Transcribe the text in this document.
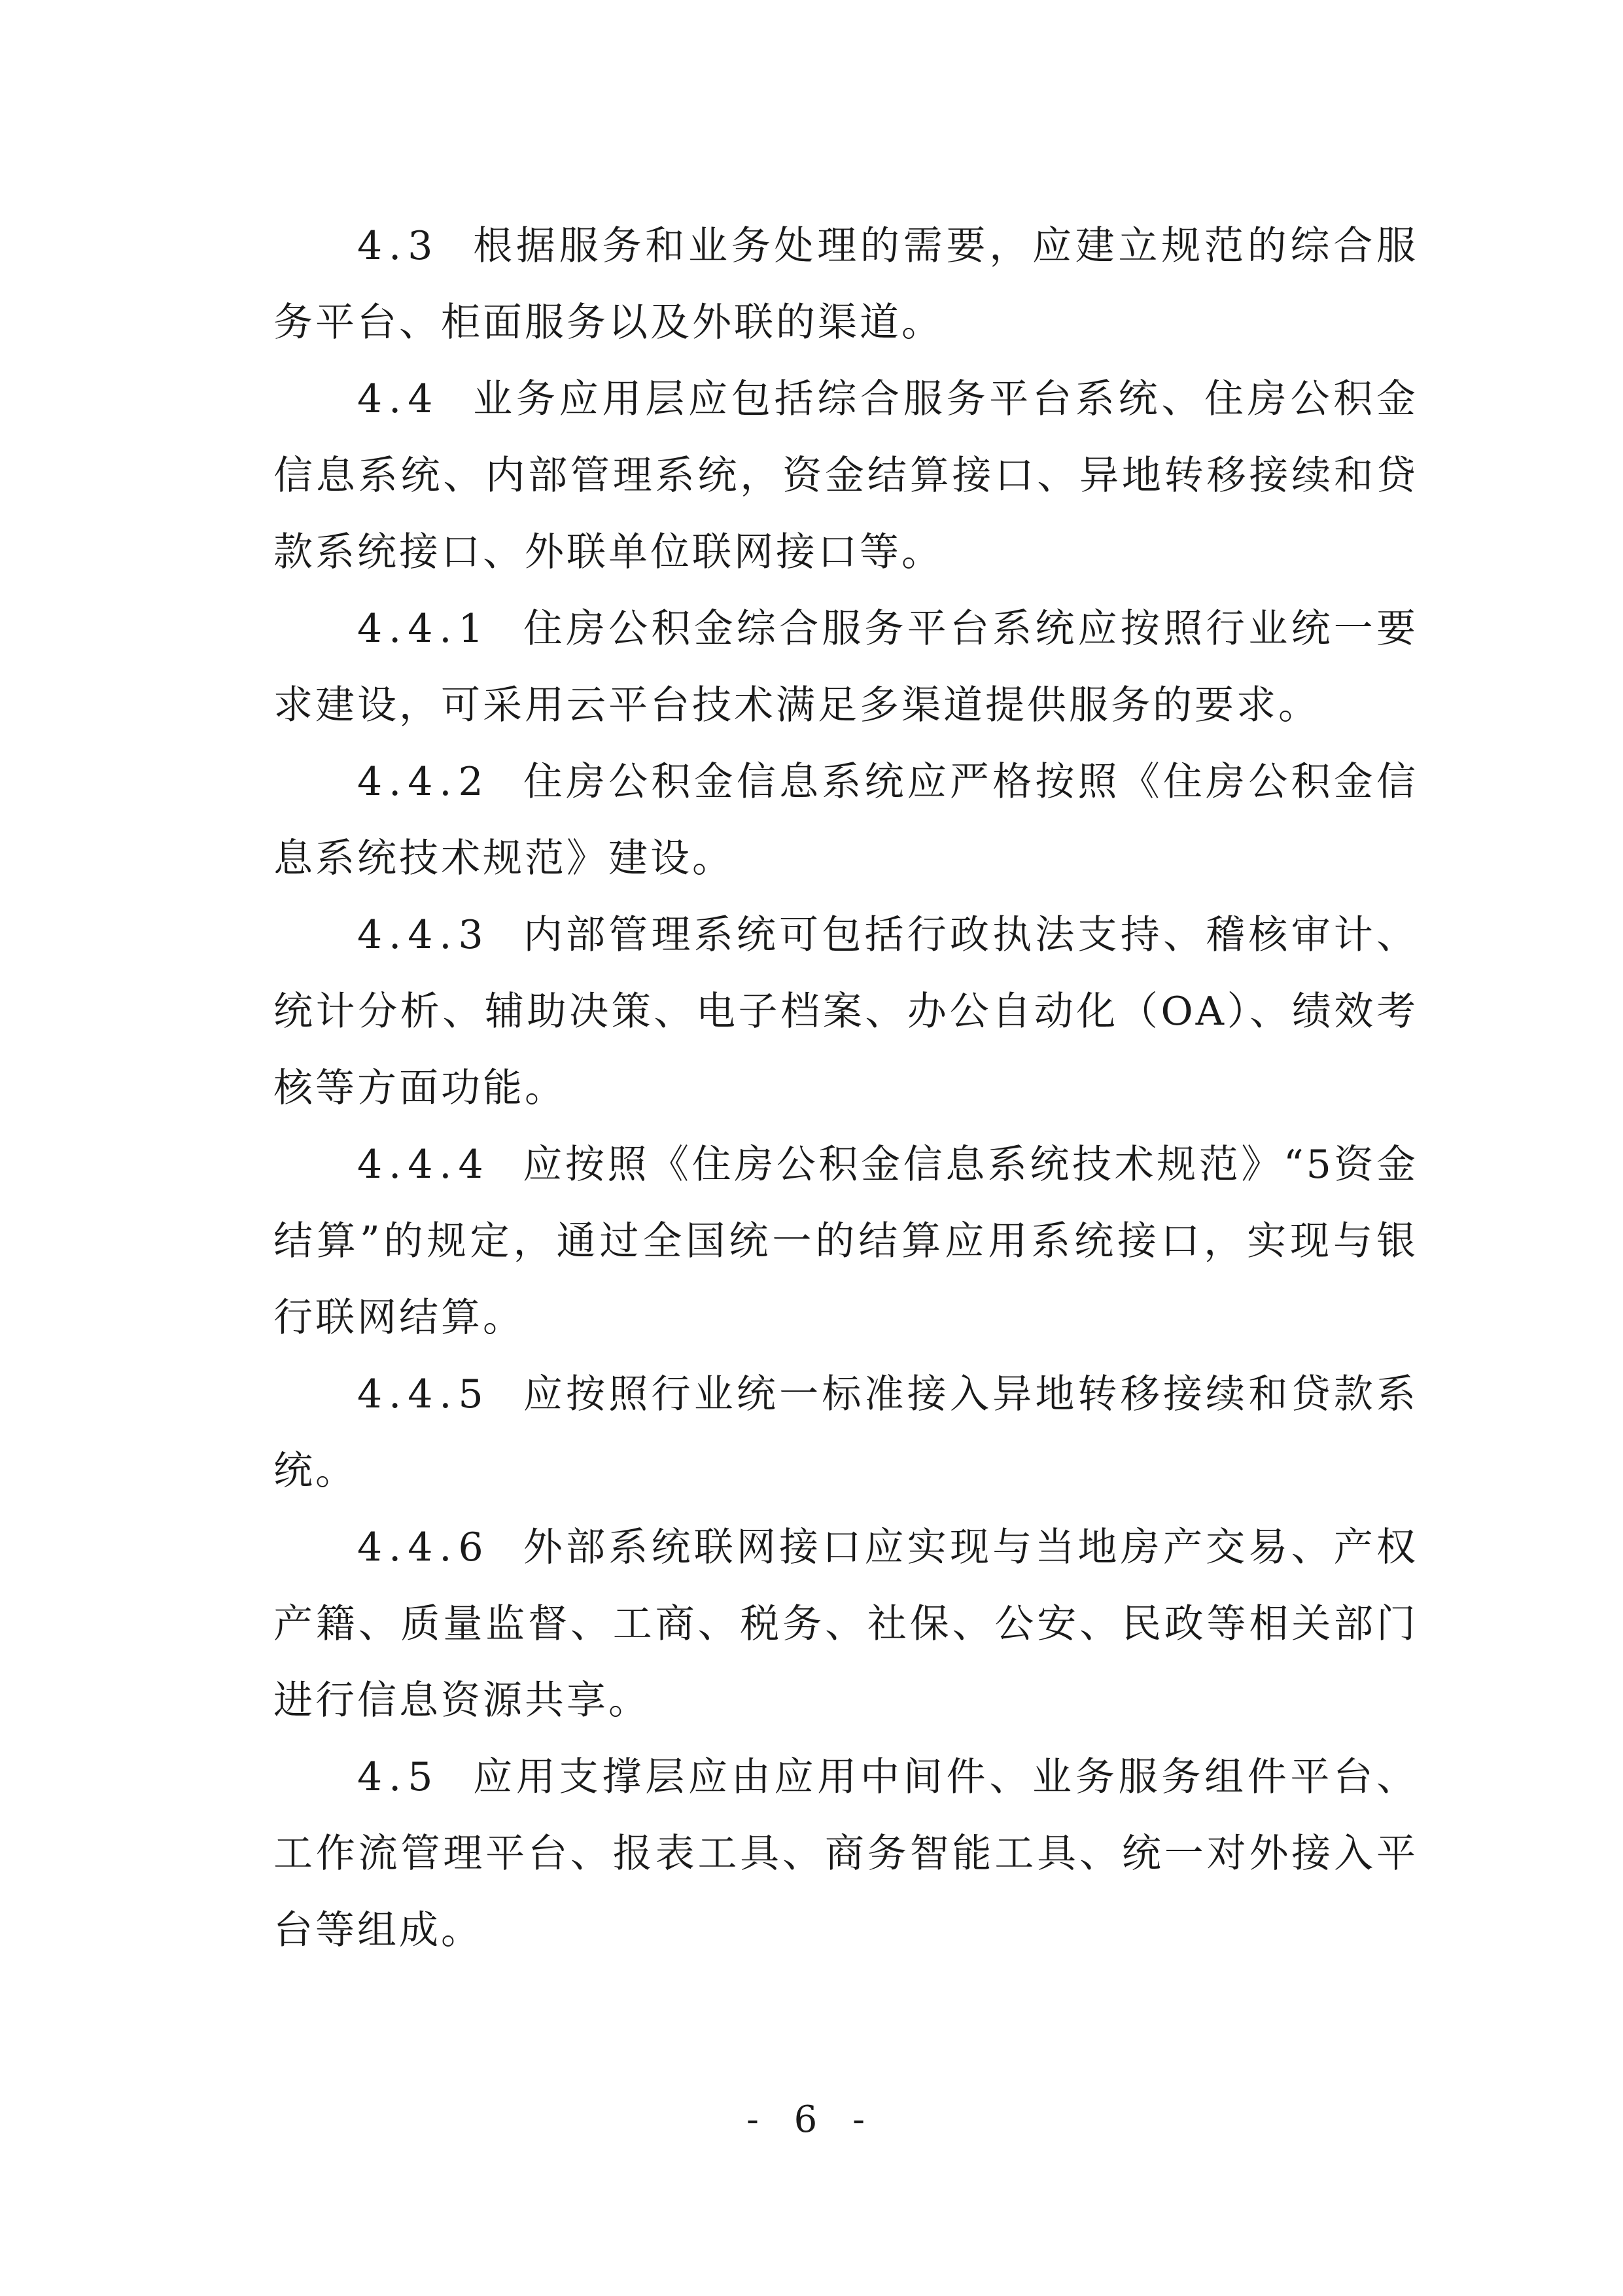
4.3 根据服务和业务处理的需要，应建立规范的综合服务平台、柜面服务以及外联的渠道。

4.4 业务应用层应包括综合服务平台系统、住房公积金信息系统、内部管理系统，资金结算接口、异地转移接续和贷款系统接口、外联单位联网接口等。

4.4.1 住房公积金综合服务平台系统应按照行业统一要求建设，可采用云平台技术满足多渠道提供服务的要求。

4.4.2 住房公积金信息系统应严格按照《住房公积金信息系统技术规范》建设。

4.4.3 内部管理系统可包括行政执法支持、稽核审计、统计分析、辅助决策、电子档案、办公自动化（OA）、绩效考核等方面功能。

4.4.4 应按照《住房公积金信息系统技术规范》“5资金结算”的规定，通过全国统一的结算应用系统接口，实现与银行联网结算。

4.4.5 应按照行业统一标准接入异地转移接续和贷款系统。

4.4.6 外部系统联网接口应实现与当地房产交易、产权产籍、质量监督、工商、税务、社保、公安、民政等相关部门进行信息资源共享。

4.5 应用支撑层应由应用中间件、业务服务组件平台、工作流管理平台、报表工具、商务智能工具、统一对外接入平台等组成。

- 6 -
